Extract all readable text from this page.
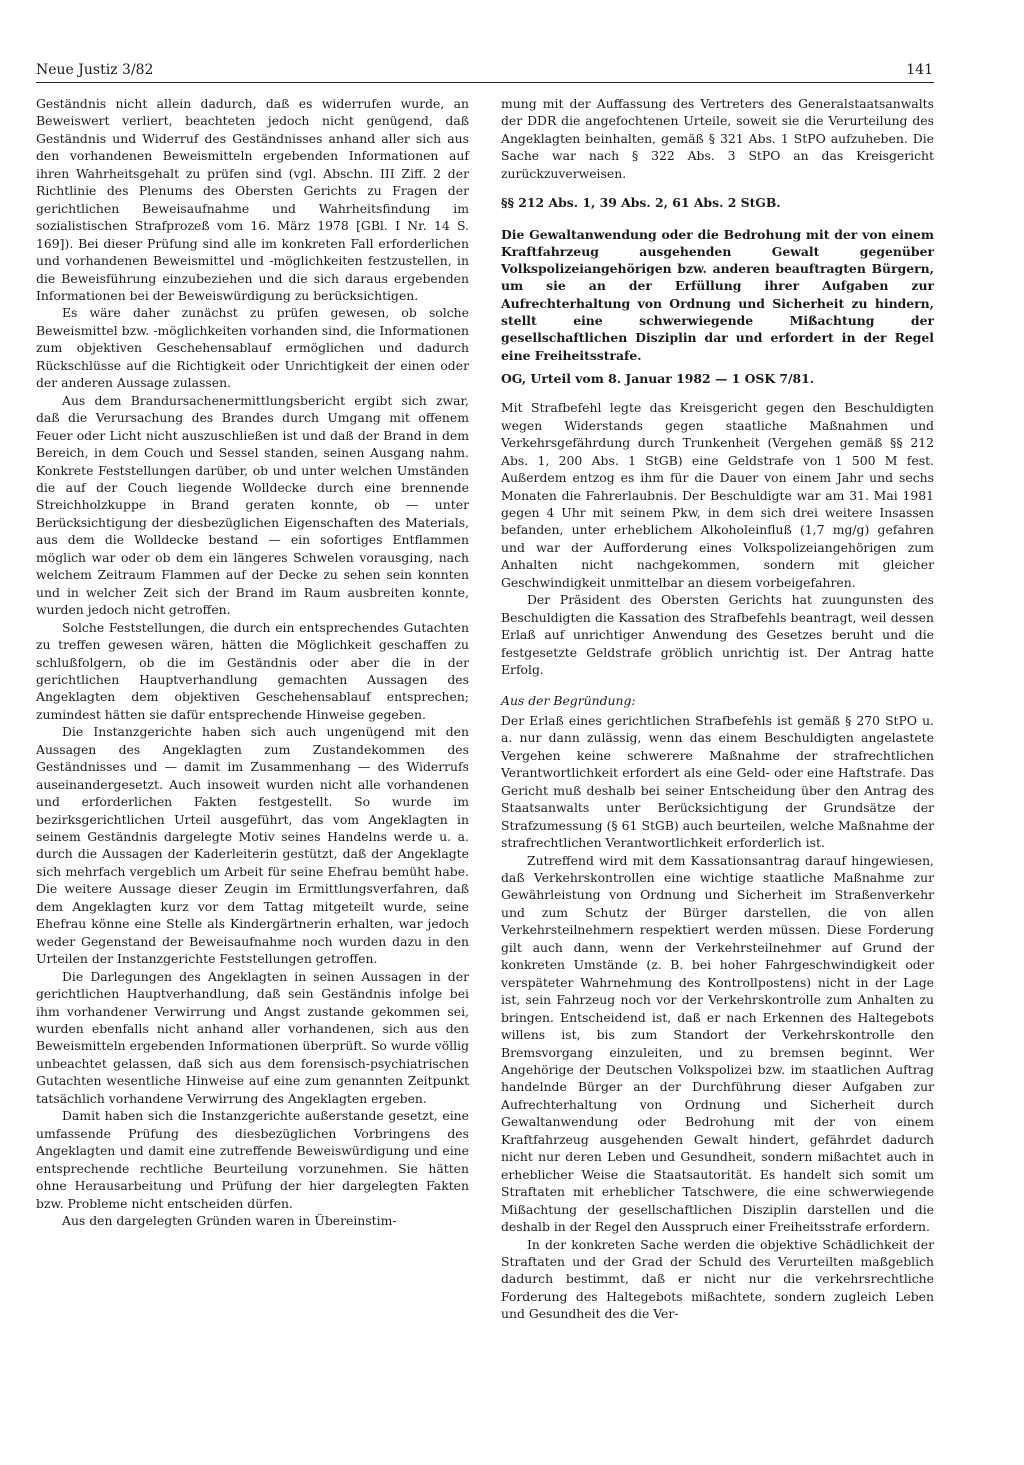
Neue Justiz 3/82	141

Geständnis nicht allein dadurch, daß es widerrufen wurde, an Beweiswert verliert, beachteten jedoch nicht genügend, daß Geständnis und Widerruf des Geständnisses anhand aller sich aus den vorhandenen Beweismitteln ergebenden Informationen auf ihren Wahrheitsgehalt zu prüfen sind (vgl. Abschn. III Ziff. 2 der Richtlinie des Plenums des Obersten Gerichts zu Fragen der gerichtlichen Beweisaufnahme und Wahrheitsfindung im sozialistischen Strafprozeß vom 16. März 1978 [GBl. I Nr. 14 S. 169]). Bei dieser Prüfung sind alle im konkreten Fall erforderlichen und vorhandenen Beweismittel und -möglichkeiten festzustellen, in die Beweisführung einzubeziehen und die sich daraus ergebenden Informationen bei der Beweiswürdigung zu berücksichtigen.

Es wäre daher zunächst zu prüfen gewesen, ob solche Beweismittel bzw. -möglichkeiten vorhanden sind, die Informationen zum objektiven Geschehensablauf ermöglichen und dadurch Rückschlüsse auf die Richtigkeit oder Unrichtigkeit der einen oder der anderen Aussage zulassen.

Aus dem Brandursachenermittlungsbericht ergibt sich zwar, daß die Verursachung des Brandes durch Umgang mit offenem Feuer oder Licht nicht auszuschließen ist und daß der Brand in dem Bereich, in dem Couch und Sessel standen, seinen Ausgang nahm. Konkrete Feststellungen darüber, ob und unter welchen Umständen die auf der Couch liegende Wolldecke durch eine brennende Streichholzkuppe in Brand geraten konnte, ob — unter Berücksichtigung der diesbezüglichen Eigenschaften des Materials, aus dem die Wolldecke bestand — ein sofortiges Entflammen möglich war oder ob dem ein längeres Schwelen vorausging, nach welchem Zeitraum Flammen auf der Decke zu sehen sein konnten und in welcher Zeit sich der Brand im Raum ausbreiten konnte, wurden jedoch nicht getroffen.

Solche Feststellungen, die durch ein entsprechendes Gutachten zu treffen gewesen wären, hätten die Möglichkeit geschaffen zu schlußfolgern, ob die im Geständnis oder aber die in der gerichtlichen Hauptverhandlung gemachten Aussagen des Angeklagten dem objektiven Geschehensablauf entsprechen; zumindest hätten sie dafür entsprechende Hinweise gegeben.

Die Instanzgerichte haben sich auch ungenügend mit den Aussagen des Angeklagten zum Zustandekommen des Geständnisses und — damit im Zusammenhang — des Widerrufs auseinandergesetzt. Auch insoweit wurden nicht alle vorhandenen und erforderlichen Fakten festgestellt. So wurde im bezirksgerichtlichen Urteil ausgeführt, das vom Angeklagten in seinem Geständnis dargelegte Motiv seines Handelns werde u. a. durch die Aussagen der Kaderleiterin gestützt, daß der Angeklagte sich mehrfach vergeblich um Arbeit für seine Ehefrau bemüht habe. Die weitere Aussage dieser Zeugin im Ermittlungsverfahren, daß dem Angeklagten kurz vor dem Tattag mitgeteilt wurde, seine Ehefrau könne eine Stelle als Kindergärtnerin erhalten, war jedoch weder Gegenstand der Beweisaufnahme noch wurden dazu in den Urteilen der Instanzgerichte Feststellungen getroffen.

Die Darlegungen des Angeklagten in seinen Aussagen in der gerichtlichen Hauptverhandlung, daß sein Geständnis infolge bei ihm vorhandener Verwirrung und Angst zustande gekommen sei, wurden ebenfalls nicht anhand aller vorhandenen, sich aus den Beweismitteln ergebenden Informationen überprüft. So wurde völlig unbeachtet gelassen, daß sich aus dem forensisch-psychiatrischen Gutachten wesentliche Hinweise auf eine zum genannten Zeitpunkt tatsächlich vorhandene Verwirrung des Angeklagten ergeben.

Damit haben sich die Instanzgerichte außerstande gesetzt, eine umfassende Prüfung des diesbezüglichen Vorbringens des Angeklagten und damit eine zutreffende Beweiswürdigung und eine entsprechende rechtliche Beurteilung vorzunehmen. Sie hätten ohne Herausarbeitung und Prüfung der hier dargelegten Fakten bzw. Probleme nicht entscheiden dürfen.

Aus den dargelegten Gründen waren in Übereinstim-

mung mit der Auffassung des Vertreters des Generalstaatsanwalts der DDR die angefochtenen Urteile, soweit sie die Verurteilung des Angeklagten beinhalten, gemäß § 321 Abs. 1 StPO aufzuheben. Die Sache war nach § 322 Abs. 3 StPO an das Kreisgericht zurückzuverweisen.

§§ 212 Abs. 1, 39 Abs. 2, 61 Abs. 2 StGB.

Die Gewaltanwendung oder die Bedrohung mit der von einem Kraftfahrzeug ausgehenden Gewalt gegenüber Volkspolizeiangehörigen bzw. anderen beauftragten Bürgern, um sie an der Erfüllung ihrer Aufgaben zur Aufrechterhaltung von Ordnung und Sicherheit zu hindern, stellt eine schwerwiegende Mißachtung der gesellschaftlichen Disziplin dar und erfordert in der Regel eine Freiheitsstrafe.

OG, Urteil vom 8. Januar 1982 — 1 OSK 7/81.

Mit Strafbefehl legte das Kreisgericht gegen den Beschuldigten wegen Widerstands gegen staatliche Maßnahmen und Verkehrsgefährdung durch Trunkenheit (Vergehen gemäß §§ 212 Abs. 1, 200 Abs. 1 StGB) eine Geldstrafe von 1 500 M fest. Außerdem entzog es ihm für die Dauer von einem Jahr und sechs Monaten die Fahrerlaubnis. Der Beschuldigte war am 31. Mai 1981 gegen 4 Uhr mit seinem Pkw, in dem sich drei weitere Insassen befanden, unter erheblichem Alkoholeinfluß (1,7 mg/g) gefahren und war der Aufforderung eines Volkspolizeiangehörigen zum Anhalten nicht nachgekommen, sondern mit gleicher Geschwindigkeit unmittelbar an diesem vorbeigefahren.

Der Präsident des Obersten Gerichts hat zuungunsten des Beschuldigten die Kassation des Strafbefehls beantragt, weil dessen Erlaß auf unrichtiger Anwendung des Gesetzes beruht und die festgesetzte Geldstrafe gröblich unrichtig ist. Der Antrag hatte Erfolg.

Aus der Begründung:

Der Erlaß eines gerichtlichen Strafbefehls ist gemäß § 270 StPO u. a. nur dann zulässig, wenn das einem Beschuldigten angelastete Vergehen keine schwerere Maßnahme der strafrechtlichen Verantwortlichkeit erfordert als eine Geld- oder eine Haftstrafe. Das Gericht muß deshalb bei seiner Entscheidung über den Antrag des Staatsanwalts unter Berücksichtigung der Grundsätze der Strafzumessung (§ 61 StGB) auch beurteilen, welche Maßnahme der strafrechtlichen Verantwortlichkeit erforderlich ist.

Zutreffend wird mit dem Kassationsantrag darauf hingewiesen, daß Verkehrskontrollen eine wichtige staatliche Maßnahme zur Gewährleistung von Ordnung und Sicherheit im Straßenverkehr und zum Schutz der Bürger darstellen, die von allen Verkehrsteilnehmern respektiert werden müssen. Diese Forderung gilt auch dann, wenn der Verkehrsteilnehmer auf Grund der konkreten Umstände (z. B. bei hoher Fahrgeschwindigkeit oder verspäteter Wahrnehmung des Kontrollpostens) nicht in der Lage ist, sein Fahrzeug noch vor der Verkehrskontrolle zum Anhalten zu bringen. Entscheidend ist, daß er nach Erkennen des Haltegebots willens ist, bis zum Standort der Verkehrskontrolle den Bremsvorgang einzuleiten, und zu bremsen beginnt. Wer Angehörige der Deutschen Volkspolizei bzw. im staatlichen Auftrag handelnde Bürger an der Durchführung dieser Aufgaben zur Aufrechterhaltung von Ordnung und Sicherheit durch Gewaltanwendung oder Bedrohung mit der von einem Kraftfahrzeug ausgehenden Gewalt hindert, gefährdet dadurch nicht nur deren Leben und Gesundheit, sondern mißachtet auch in erheblicher Weise die Staatsautorität. Es handelt sich somit um Straftaten mit erheblicher Tatschwere, die eine schwerwiegende Mißachtung der gesellschaftlichen Disziplin darstellen und die deshalb in der Regel den Ausspruch einer Freiheitsstrafe erfordern.

In der konkreten Sache werden die objektive Schädlichkeit der Straftaten und der Grad der Schuld des Verurteilten maßgeblich dadurch bestimmt, daß er nicht nur die verkehrsrechtliche Forderung des Haltegebots mißachtete, sondern zugleich Leben und Gesundheit des die Ver-
